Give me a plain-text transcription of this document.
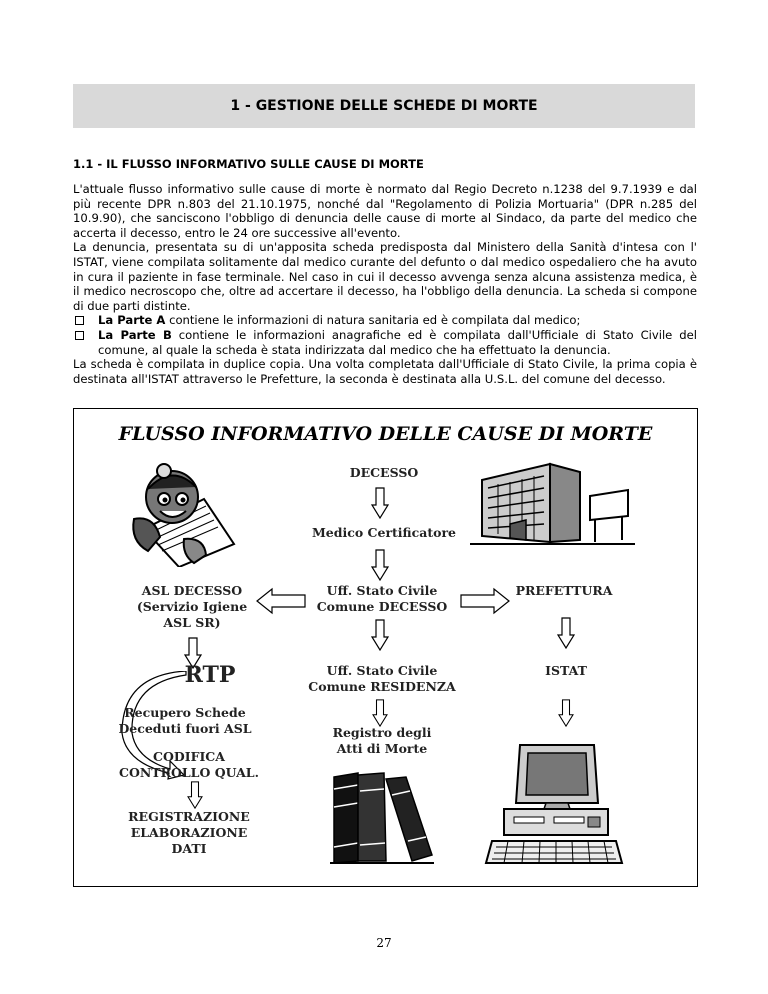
1 - GESTIONE DELLE SCHEDE DI MORTE
1.1 - IL FLUSSO INFORMATIVO SULLE CAUSE DI MORTE

L'attuale flusso informativo sulle cause di morte è normato dal Regio Decreto n.1238 del 9.7.1939 e dal più recente DPR n.803 del 21.10.1975, nonché dal "Regolamento di Polizia Mortuaria" (DPR n.285 del 10.9.90), che sanciscono l'obbligo di denuncia delle cause di morte al Sindaco, da parte del medico che accerta il decesso, entro le 24 ore successive all'evento.

La denuncia, presentata su di un'apposita scheda predisposta dal Ministero della Sanità d'intesa con l' ISTAT, viene compilata solitamente dal medico curante del defunto o dal medico ospedaliero che ha avuto in cura il paziente in fase terminale. Nel caso in cui il decesso avvenga senza alcuna assistenza medica, è il medico necroscopo che, oltre ad accertare il decesso, ha l'obbligo della denuncia. La scheda si compone di due parti distinte.

La Parte A contiene le informazioni di natura sanitaria ed è compilata dal medico;
La Parte B contiene le informazioni anagrafiche ed è compilata dall'Ufficiale di Stato Civile del comune, al quale la scheda è stata indirizzata dal medico che ha effettuato la denuncia.

La scheda è compilata in duplice copia. Una volta completata dall'Ufficiale di Stato Civile, la prima copia è destinata all'ISTAT attraverso le Prefetture, la seconda è destinata alla U.S.L. del comune del decesso.

FLUSSO INFORMATIVO DELLE CAUSE DI MORTE
DECESSO
Medico Certificatore
ASL DECESSO
(Servizio Igiene
ASL SR)
Uff. Stato Civile
Comune DECESSO
PREFETTURA
RTP	Uff. Stato Civile
Comune RESIDENZA
ISTAT
Recupero Schede
Deceduti fuori ASL	Registro degli
Atti di Morte
CODIFICA
CONTROLLO QUAL.
REGISTRAZIONE
ELABORAZIONE
DATI
27
